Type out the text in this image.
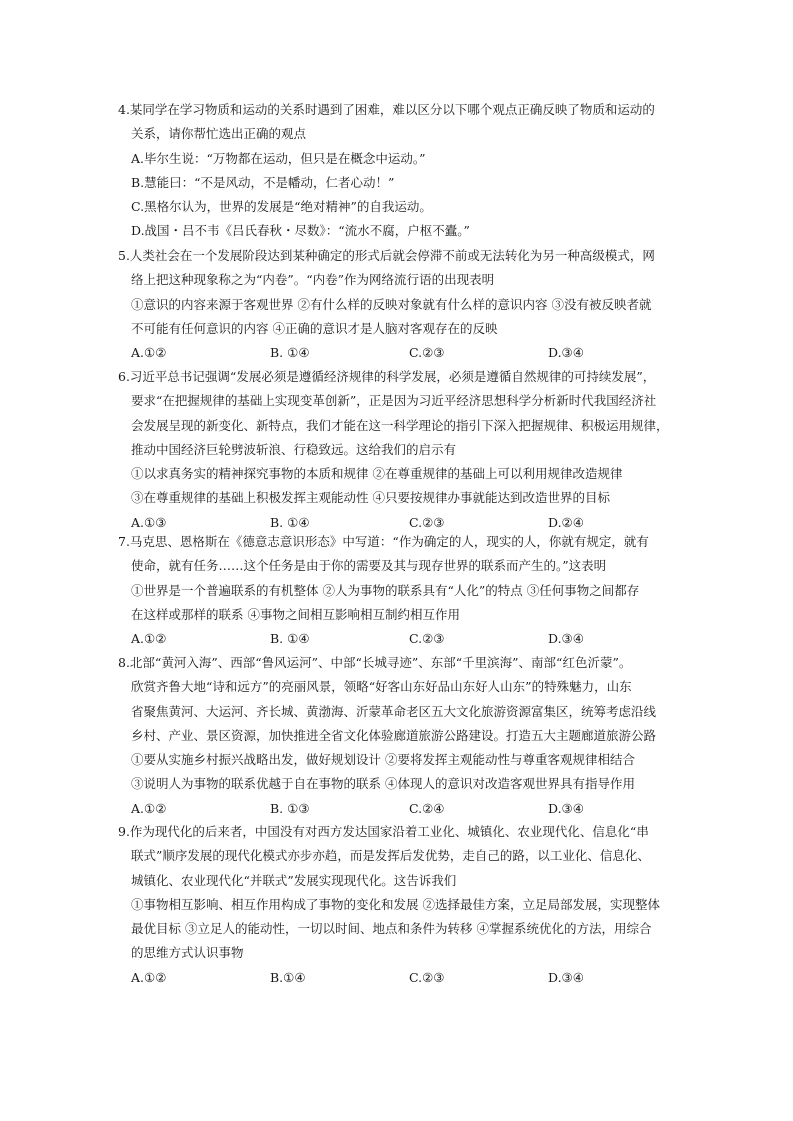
4.某同学在学习物质和运动的关系时遇到了困难，难以区分以下哪个观点正确反映了物质和运动的
关系，请你帮忙选出正确的观点
A.毕尔生说：“万物都在运动，但只是在概念中运动。”
B.慧能曰：“不是风动，不是幡动，仁者心动！”
C.黑格尔认为，世界的发展是“绝对精神”的自我运动。
D.战国・吕不韦《吕氏春秋・尽数》：“流水不腐，户枢不蠹。”
5.人类社会在一个发展阶段达到某种确定的形式后就会停滞不前或无法转化为另一种高级模式，网
络上把这种现象称之为“内卷”。“内卷”作为网络流行语的出现表明
①意识的内容来源于客观世界 ②有什么样的反映对象就有什么样的意识内容 ③没有被反映者就
不可能有任何意识的内容 ④正确的意识才是人脑对客观存在的反映
A.①②	B. ①④	C.②③	D.③④
6.习近平总书记强调“发展必须是遵循经济规律的科学发展，必须是遵循自然规律的可持续发展”，
要求“在把握规律的基础上实现变革创新”，正是因为习近平经济思想科学分析新时代我国经济社
会发展呈现的新变化、新特点，我们才能在这一科学理论的指引下深入把握规律、积极运用规律，
推动中国经济巨轮劈波斩浪、行稳致远。这给我们的启示有
①以求真务实的精神探究事物的本质和规律 ②在尊重规律的基础上可以利用规律改造规律
③在尊重规律的基础上积极发挥主观能动性 ④只要按规律办事就能达到改造世界的目标
A.①③	B. ①④	C.②③	D.②④
7.马克思、恩格斯在《德意志意识形态》中写道：“作为确定的人，现实的人，你就有规定，就有
使命，就有任务……这个任务是由于你的需要及其与现存世界的联系而产生的。”这表明
①世界是一个普遍联系的有机整体 ②人为事物的联系具有“人化”的特点 ③任何事物之间都存
在这样或那样的联系 ④事物之间相互影响相互制约相互作用
A.①②	B. ①④	C.②③	D.③④
8.北部“黄河入海”、西部“鲁风运河”、中部“长城寻迹”、东部“千里滨海”、南部“红色沂蒙”。
欣赏齐鲁大地“诗和远方”的亮丽风景，领略“好客山东好品山东好人山东”的特殊魅力，山东
省聚焦黄河、大运河、齐长城、黄渤海、沂蒙革命老区五大文化旅游资源富集区，统筹考虑沿线
乡村、产业、景区资源，加快推进全省文化体验廊道旅游公路建设。打造五大主题廊道旅游公路
①要从实施乡村振兴战略出发，做好规划设计 ②要将发挥主观能动性与尊重客观规律相结合
③说明人为事物的联系优越于自在事物的联系 ④体现人的意识对改造客观世界具有指导作用
A.①②	B. ①③	C.②④	D.③④
9.作为现代化的后来者，中国没有对西方发达国家沿着工业化、城镇化、农业现代化、信息化“串
联式”顺序发展的现代化模式亦步亦趋，而是发挥后发优势，走自己的路，以工业化、信息化、
城镇化、农业现代化“并联式”发展实现现代化。这告诉我们
①事物相互影响、相互作用构成了事物的变化和发展 ②选择最佳方案，立足局部发展，实现整体
最优目标 ③立足人的能动性，一切以时间、地点和条件为转移 ④掌握系统优化的方法，用综合
的思维方式认识事物
A.①②	B.①④	C.②③	D.③④
